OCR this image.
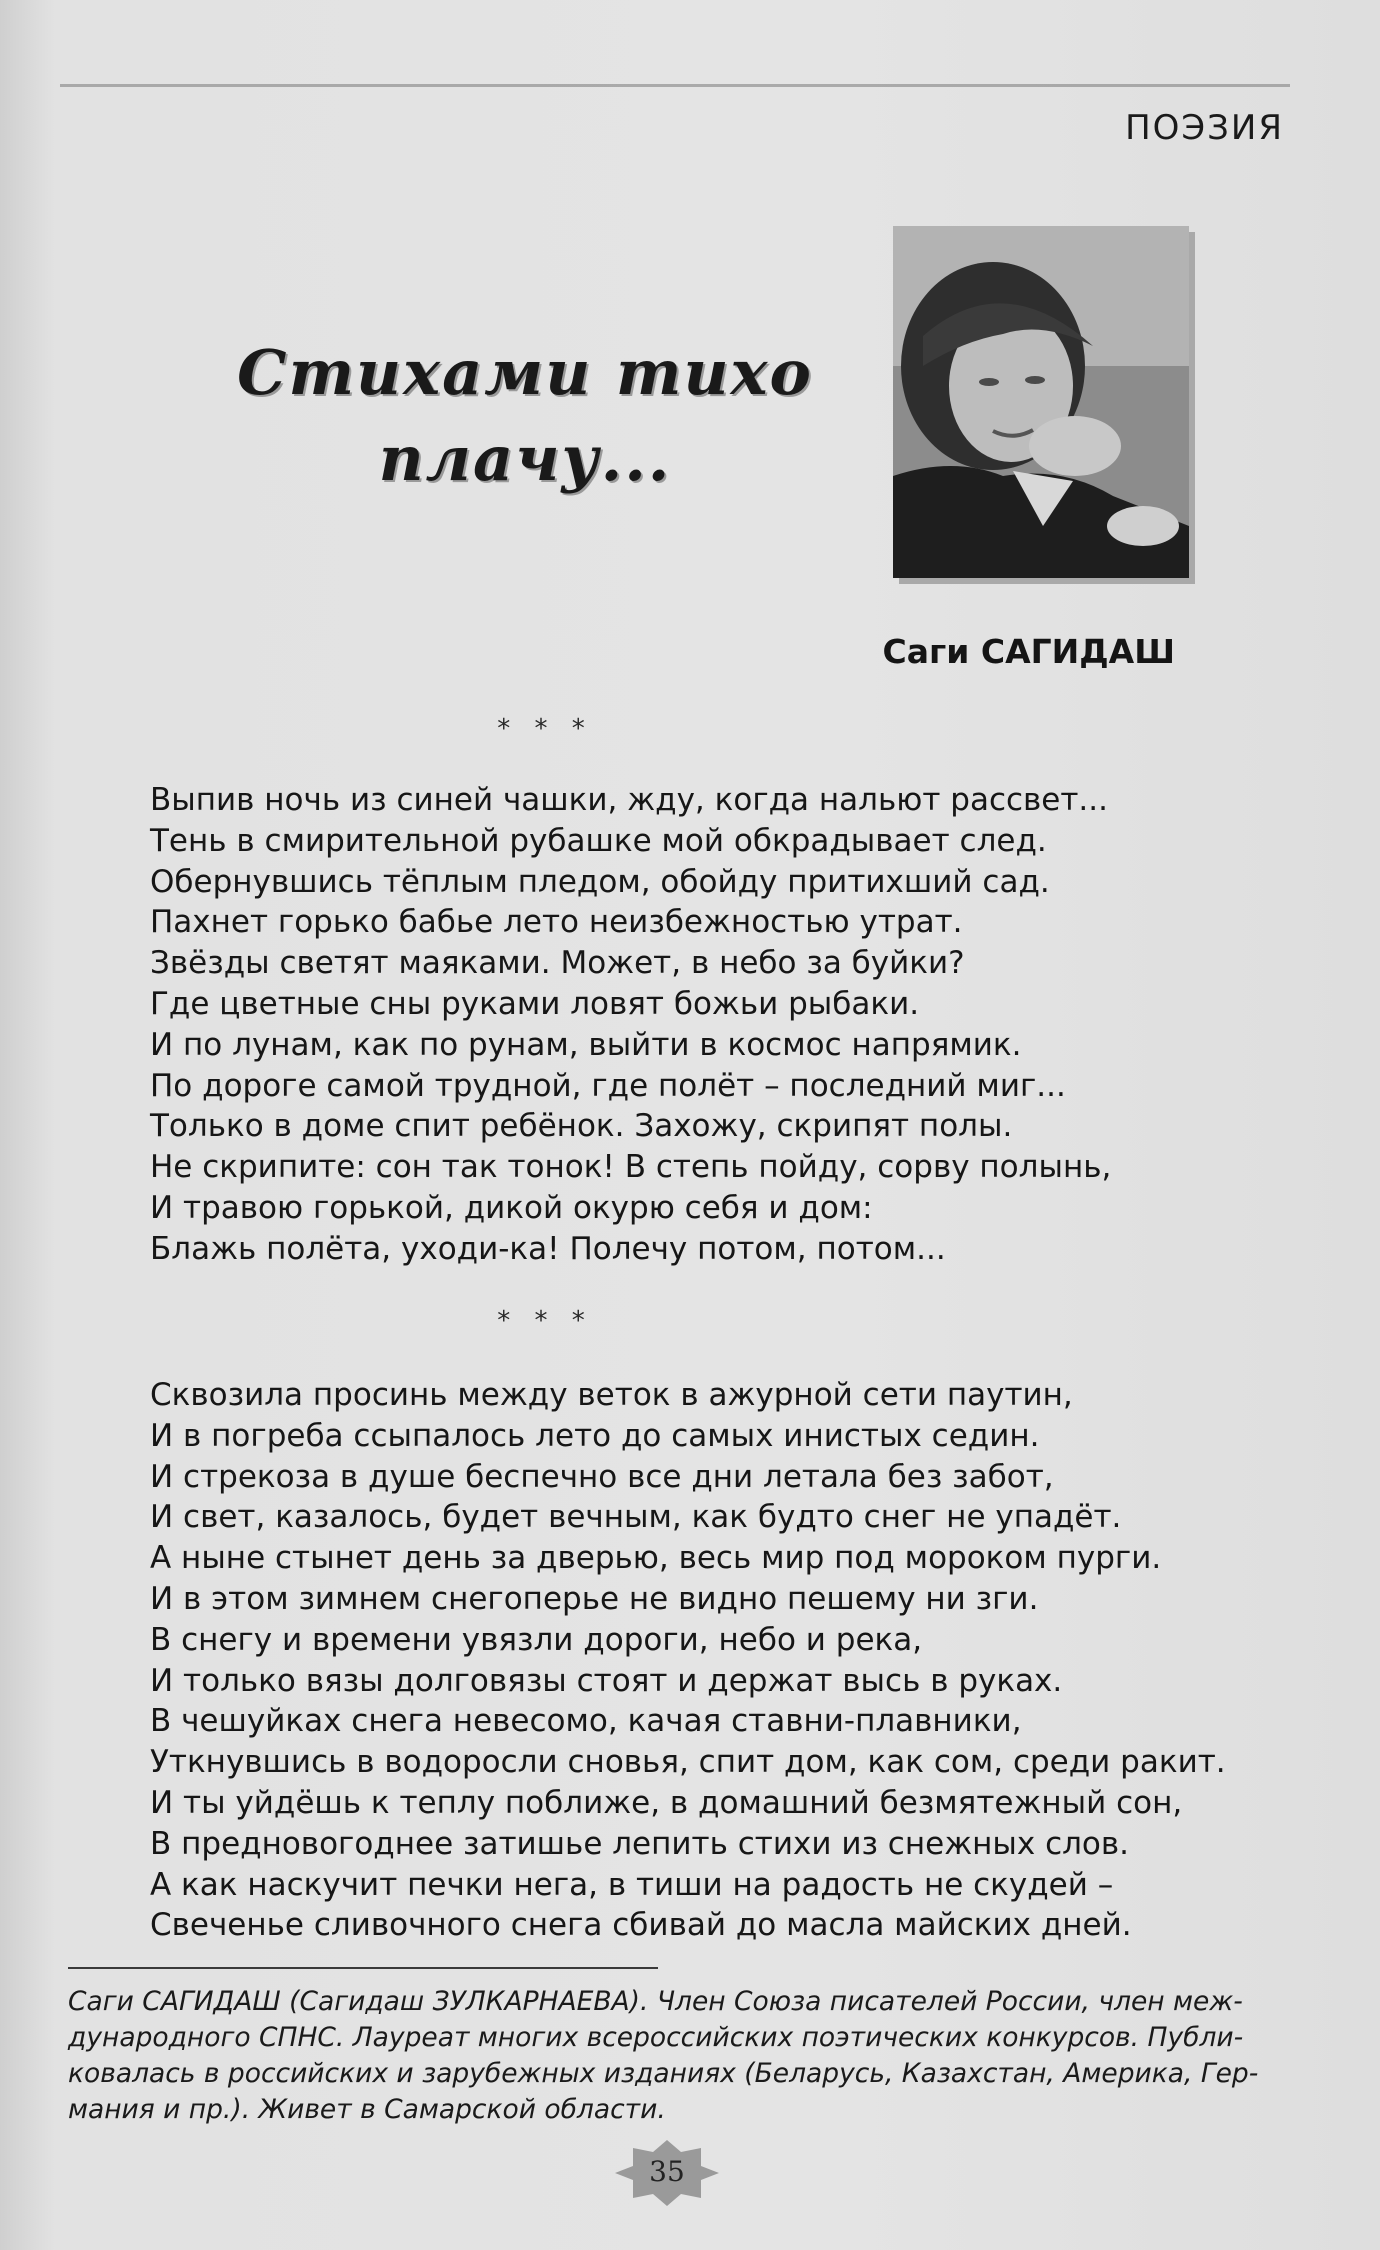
ПОЭЗИЯ
Стихами тихо
плачу...
Саги САГИДАШ
* * *
Выпив ночь из синей чашки, жду, когда нальют рассвет...
Тень в смирительной рубашке мой обкрадывает след.
Обернувшись тёплым пледом, обойду притихший сад.
Пахнет горько бабье лето неизбежностью утрат.
Звёзды светят маяками. Может, в небо за буйки?
Где цветные сны руками ловят божьи рыбаки.
И по лунам, как по рунам, выйти в космос напрямик.
По дороге самой трудной, где полёт – последний миг...
Только в доме спит ребёнок. Захожу, скрипят полы.
Не скрипите: сон так тонок! В степь пойду, сорву полынь,
И травою горькой, дикой окурю себя и дом:
Блажь полёта, уходи-ка! Полечу потом, потом...
* * *
Сквозила просинь между веток в ажурной сети паутин,
И в погреба ссыпалось лето до самых инистых седин.
И стрекоза в душе беспечно все дни летала без забот,
И свет, казалось, будет вечным, как будто снег не упадёт.
А ныне стынет день за дверью, весь мир под мороком пурги.
И в этом зимнем снегоперье не видно пешему ни зги.
В снегу и времени увязли дороги, небо и река,
И только вязы долговязы стоят и держат высь в руках.
В чешуйках снега невесомо, качая ставни-плавники,
Уткнувшись в водоросли сновья, спит дом, как сом, среди ракит.
И ты уйдёшь к теплу поближе, в домашний безмятежный сон,
В предновогоднее затишье лепить стихи из снежных слов.
А как наскучит печки нега, в тиши на радость не скудей –
Свеченье сливочного снега сбивай до масла майских дней.
Саги САГИДАШ (Сагидаш ЗУЛКАРНАЕВА). Член Союза писателей России, член меж-
дународного СПНС. Лауреат многих всероссийских поэтических конкурсов. Публи-
ковалась в российских и зарубежных изданиях (Беларусь, Казахстан, Америка, Гер-
мания и пр.). Живет в Самарской области.
35
